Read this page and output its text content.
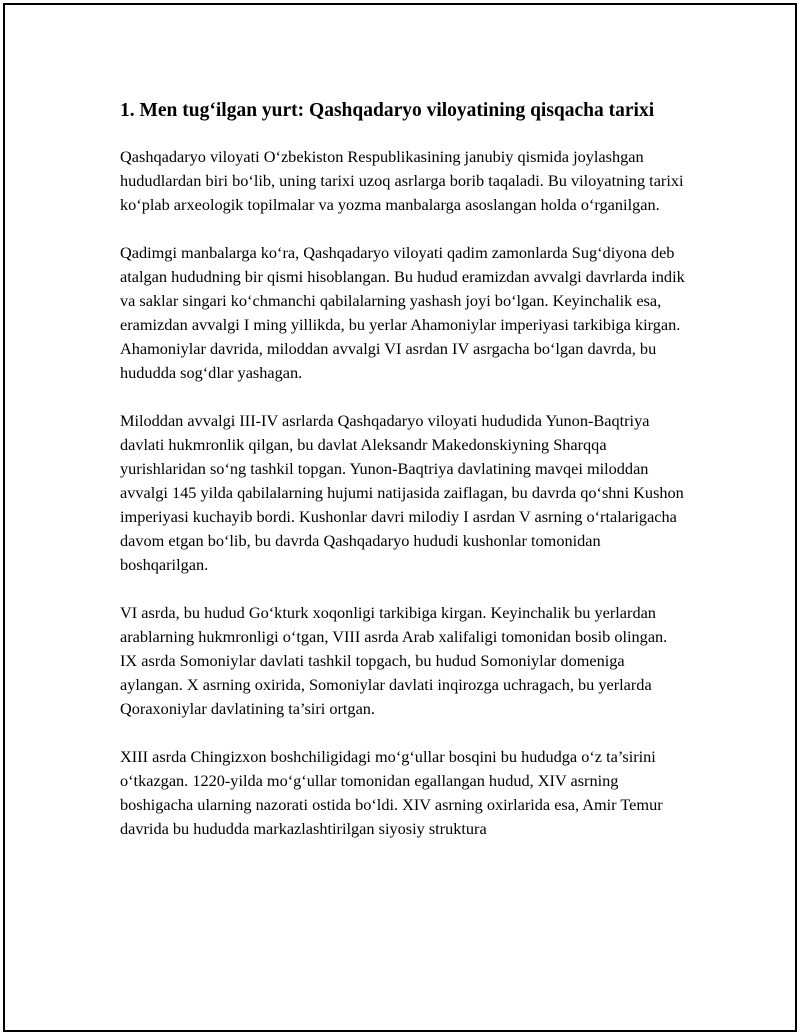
1. Men tug‘ilgan yurt: Qashqadaryo viloyatining qisqacha tarixi

Qashqadaryo viloyati O‘zbekiston Respublikasining janubiy qismida joylashgan hududlardan biri bo‘lib, uning tarixi uzoq asrlarga borib taqaladi. Bu viloyatning tarixi ko‘plab arxeologik topilmalar va yozma manbalarga asoslangan holda o‘rganilgan.

Qadimgi manbalarga ko‘ra, Qashqadaryo viloyati qadim zamonlarda Sug‘diyona deb atalgan hududning bir qismi hisoblangan. Bu hudud eramizdan avvalgi davrlarda indik va saklar singari ko‘chmanchi qabilalarning yashash joyi bo‘lgan. Keyinchalik esa, eramizdan avvalgi I ming yillikda, bu yerlar Ahamoniylar imperiyasi tarkibiga kirgan. Ahamoniylar davrida, miloddan avvalgi VI asrdan IV asrgacha bo‘lgan davrda, bu hududda sog‘dlar yashagan.

Miloddan avvalgi III-IV asrlarda Qashqadaryo viloyati hududida Yunon-Baqtriya davlati hukmronlik qilgan, bu davlat Aleksandr Makedonskiyning Sharqqa yurishlaridan so‘ng tashkil topgan. Yunon-Baqtriya davlatining mavqei miloddan avvalgi 145 yilda qabilalarning hujumi natijasida zaiflagan, bu davrda qo‘shni Kushon imperiyasi kuchayib bordi. Kushonlar davri milodiy I asrdan V asrning o‘rtalarigacha davom etgan bo‘lib, bu davrda Qashqadaryo hududi kushonlar tomonidan boshqarilgan.

VI asrda, bu hudud Go‘kturk xoqonligi tarkibiga kirgan. Keyinchalik bu yerlardan arablarning hukmronligi o‘tgan, VIII asrda Arab xalifaligi tomonidan bosib olingan. IX asrda Somoniylar davlati tashkil topgach, bu hudud Somoniylar domeniga aylangan. X asrning oxirida, Somoniylar davlati inqirozga uchragach, bu yerlarda Qoraxoniylar davlatining ta’siri ortgan.

XIII asrda Chingizxon boshchiligidagi mo‘g‘ullar bosqini bu hududga o‘z ta’sirini o‘tkazgan. 1220-yilda mo‘g‘ullar tomonidan egallangan hudud, XIV asrning boshigacha ularning nazorati ostida bo‘ldi. XIV asrning oxirlarida esa, Amir Temur davrida bu hududda markazlashtirilgan siyosiy struktura
